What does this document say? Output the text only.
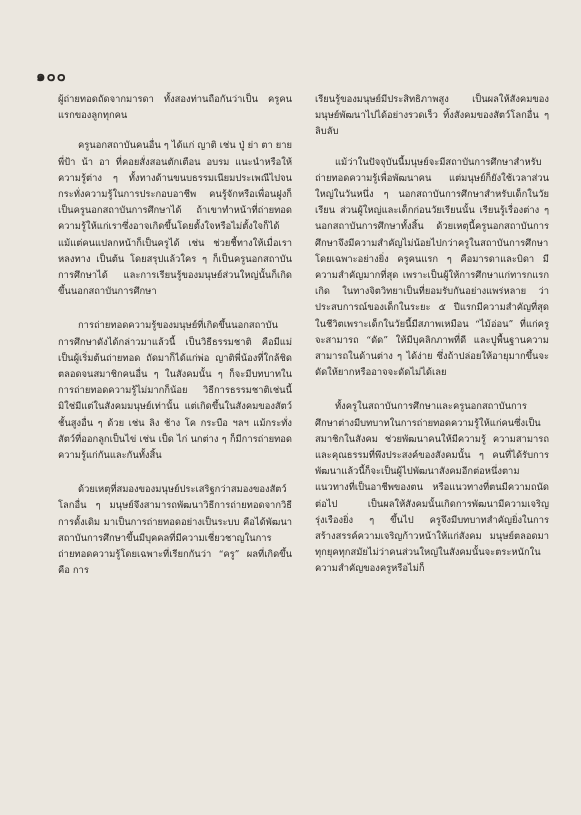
๑๐๐

ผู้ถ่ายทอดถัดจากมารดา ทั้งสองท่านถือกันว่าเป็น ครูคนแรกของลูกทุกคน

ครูนอกสถาบันคนอื่น ๆ ได้แก่ ญาติ เช่น ปู่ ย่า ตา ยาย พี่ป้า น้า อา ที่คอยสั่งสอนตักเตือน อบรม แนะนำหรือให้ความรู้ต่าง ๆ ทั้งทางด้านขนบธรรมเนียมประเพณีไปจนกระทั่งความรู้ในการประกอบอาชีพ คนรู้จักหรือเพื่อนฝูงก็เป็นครูนอกสถาบันการศึกษาได้ ถ้าเขาทำหน้าที่ถ่ายทอดความรู้ให้แก่เราซึ่งอาจเกิดขึ้นโดยตั้งใจหรือไม่ตั้งใจก็ได้แม้แต่คนแปลกหน้าก็เป็นครูได้ เช่น ช่วยชี้ทางให้เมื่อเราหลงทาง เป็นต้น โดยสรุปแล้วใคร ๆ ก็เป็นครูนอกสถาบันการศึกษาได้ และการเรียนรู้ของมนุษย์ส่วนใหญ่นั้นก็เกิดขึ้นนอกสถาบันการศึกษา

การถ่ายทอดความรู้ของมนุษย์ที่เกิดขึ้นนอกสถาบันการศึกษาดังได้กล่าวมาแล้วนี้ เป็นวิธีธรรมชาติ คือมีแม่เป็นผู้เริ่มต้นถ่ายทอด ถัดมาก็ได้แก่พ่อ ญาติพี่น้องที่ใกล้ชิด ตลอดจนสมาชิกคนอื่น ๆ ในสังคมนั้น ๆ ก็จะมีบทบาทในการถ่ายทอดความรู้ไม่มากก็น้อย วิธีการธรรมชาติเช่นนี้มิใช่มีแต่ในสังคมมนุษย์เท่านั้น แต่เกิดขึ้นในสังคมของสัตว์ชั้นสูงอื่น ๆ ด้วย เช่น ลิง ช้าง โค กระบือ ฯลฯ แม้กระทั่งสัตว์ที่ออกลูกเป็นไข่ เช่น เป็ด ไก่ นกต่าง ๆ ก็มีการถ่ายทอดความรู้แก่กันและกันทั้งสิ้น

ด้วยเหตุที่สมองของมนุษย์ประเสริฐกว่าสมองของสัตว์โลกอื่น ๆ มนุษย์จึงสามารถพัฒนาวิธีการถ่ายทอดจากวิธีการดั้งเดิม มาเป็นการถ่ายทอดอย่างเป็นระบบ คือได้พัฒนาสถาบันการศึกษาขึ้นมีบุคคลที่มีความเชี่ยวชาญในการถ่ายทอดความรู้โดยเฉพาะที่เรียกกันว่า “ครู” ผลที่เกิดขึ้นคือ การ

เรียนรู้ของมนุษย์มีประสิทธิภาพสูง เป็นผลให้สังคมของมนุษย์พัฒนาไปได้อย่างรวดเร็ว ทิ้งสังคมของสัตว์โลกอื่น ๆ ลิบลับ

แม้ว่าในปัจจุบันนี้มนุษย์จะมีสถาบันการศึกษาสำหรับถ่ายทอดความรู้เพื่อพัฒนาคน แต่มนุษย์ก็ยังใช้เวลาส่วนใหญ่ในวันหนึ่ง ๆ นอกสถาบันการศึกษาสำหรับเด็กในวัยเรียน ส่วนผู้ใหญ่และเด็กก่อนวัยเรียนนั้น เรียนรู้เรื่องต่าง ๆ นอกสถาบันการศึกษาทั้งสิ้น ด้วยเหตุนี้ครูนอกสถาบันการศึกษาจึงมีความสำคัญไม่น้อยไปกว่าครูในสถาบันการศึกษาโดยเฉพาะอย่างยิ่ง ครูคนแรก ๆ คือมารดาและบิดา มีความสำคัญมากที่สุด เพราะเป็นผู้ให้การศึกษาแก่ทารกแรกเกิด ในทางจิตวิทยาเป็นที่ยอมรับกันอย่างแพร่หลาย ว่าประสบการณ์ของเด็กในระยะ ๕ ปีแรกมีความสำคัญที่สุดในชีวิตเพราะเด็กในวัยนี้มีสภาพเหมือน “ไม้อ่อน” ที่แก่ครูจะสามารถ “ดัด” ให้มีบุคลิกภาพที่ดี และปูพื้นฐานความสามารถในด้านต่าง ๆ ได้ง่าย ซึ่งถ้าปล่อยให้อายุมากขึ้นจะดัดให้ยากหรืออาจจะดัดไม่ได้เลย

ทั้งครูในสถาบันการศึกษาและครูนอกสถาบันการศึกษาต่างมีบทบาทในการถ่ายทอดความรู้ให้แก่คนซึ่งเป็นสมาชิกในสังคม ช่วยพัฒนาคนให้มีความรู้ ความสามารถ และคุณธรรมที่พึงประสงค์ของสังคมนั้น ๆ คนที่ได้รับการพัฒนาแล้วนี้ก็จะเป็นผู้ไปพัฒนาสังคมอีกต่อหนึ่งตามแนวทางที่เป็นอาชีพของตน หรือแนวทางที่ตนมีความถนัดต่อไป เป็นผลให้สังคมนั้นเกิดการพัฒนามีความเจริญรุ่งเรืองยิ่ง ๆ ขึ้นไป ครูจึงมีบทบาทสำคัญยิ่งในการสร้างสรรค์ความเจริญก้าวหน้าให้แก่สังคม มนุษย์ตลอดมาทุกยุคทุกสมัยไม่ว่าคนส่วนใหญ่ในสังคมนั้นจะตระหนักในความสำคัญของครูหรือไม่ก็
